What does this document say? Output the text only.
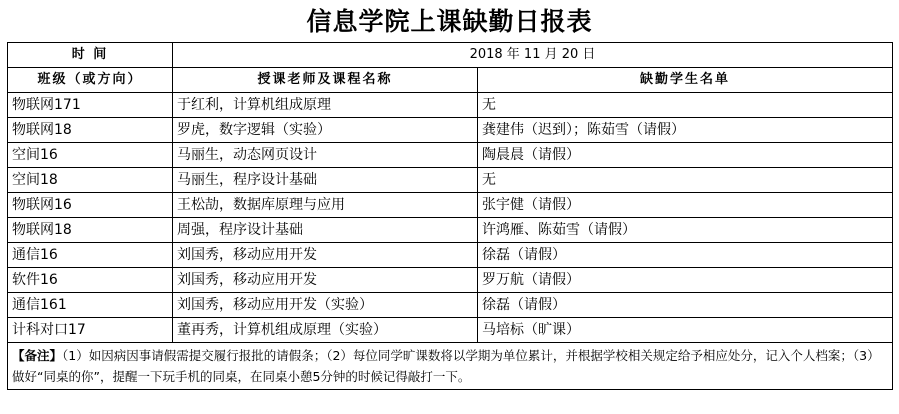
信息学院上课缺勤日报表
时 间	2018 年 11 月 20 日	
班级（或方向）	授课老师及课程名称	缺勤学生名单
物联网171	于红利，计算机组成原理	无
物联网18	罗虎，数字逻辑（实验）	龚建伟（迟到）；陈茹雪（请假）
空间16	马丽生，动态网页设计	陶晨晨（请假）
空间18	马丽生，程序设计基础	无
物联网16	王松劼，数据库原理与应用	张宇健（请假）
物联网18	周强，程序设计基础	许鸿雁、陈茹雪（请假）
通信16	刘国秀，移动应用开发	徐磊（请假）
软件16	刘国秀，移动应用开发	罗万航（请假）
通信161	刘国秀，移动应用开发（实验）	徐磊（请假）
计科对口17	董再秀，计算机组成原理（实验）	马培标（旷课）
【备注】（1）如因病因事请假需提交履行报批的请假条；（2）每位同学旷课数将以学期为单位累计，并根据学校相关规定给予相应处分，记入个人档案；（3）做好“同桌的你”，提醒一下玩手机的同桌，在同桌小憩5分钟的时候记得敲打一下。		
